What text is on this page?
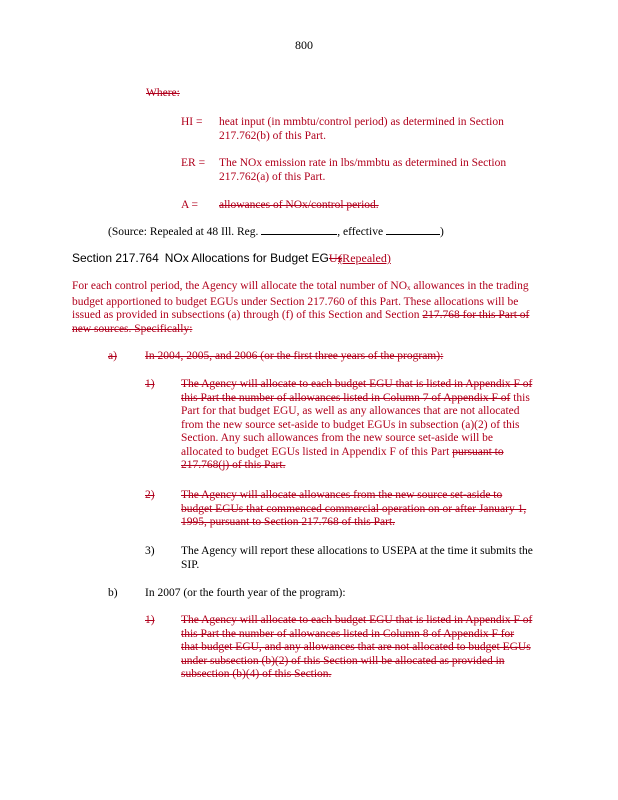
800
Where:
HI = heat input (in mmbtu/control period) as determined in Section 217.762(b) of this Part.
ER = The NOx emission rate in lbs/mmbtu as determined in Section 217.762(a) of this Part.
A = allowances of NOx/control period.
(Source: Repealed at 48 Ill. Reg.	, effective	)
Section 217.764 NOx Allocations for Budget EGUs(Repealed)
For each control period, the Agency will allocate the total number of $NO_x$ allowances in the trading budget apportioned to budget EGUs under Section 217.760 of this Part. These allocations will be issued as provided in subsections (a) through (f) of this Section and Section 217.768 for this Part of new sources. Specifically:
a) In 2004, 2005, and 2006 (or the first three years of the program):
1) The Agency will allocate to each budget EGU that is listed in Appendix F of this Part the number of allowances listed in Column 7 of Appendix F of this Part for that budget EGU, as well as any allowances that are not allocated from the new source set-aside to budget EGUs in subsection (a)(2) of this Section. Any such allowances from the new source set-aside will be allocated to budget EGUs listed in Appendix F of this Part pursuant to 217.768(j) of this Part.
2) The Agency will allocate allowances from the new source set-aside to budget EGUs that commenced commercial operation on or after January 1, 1995, pursuant to Section 217.768 of this Part.
3) The Agency will report these allocations to USEPA at the time it submits the SIP.
b) In 2007 (or the fourth year of the program):
1) The Agency will allocate to each budget EGU that is listed in Appendix F of this Part the number of allowances listed in Column 8 of Appendix F for that budget EGU, and any allowances that are not allocated to budget EGUs under subsection (b)(2) of this Section will be allocated as provided in subsection (b)(4) of this Section.
